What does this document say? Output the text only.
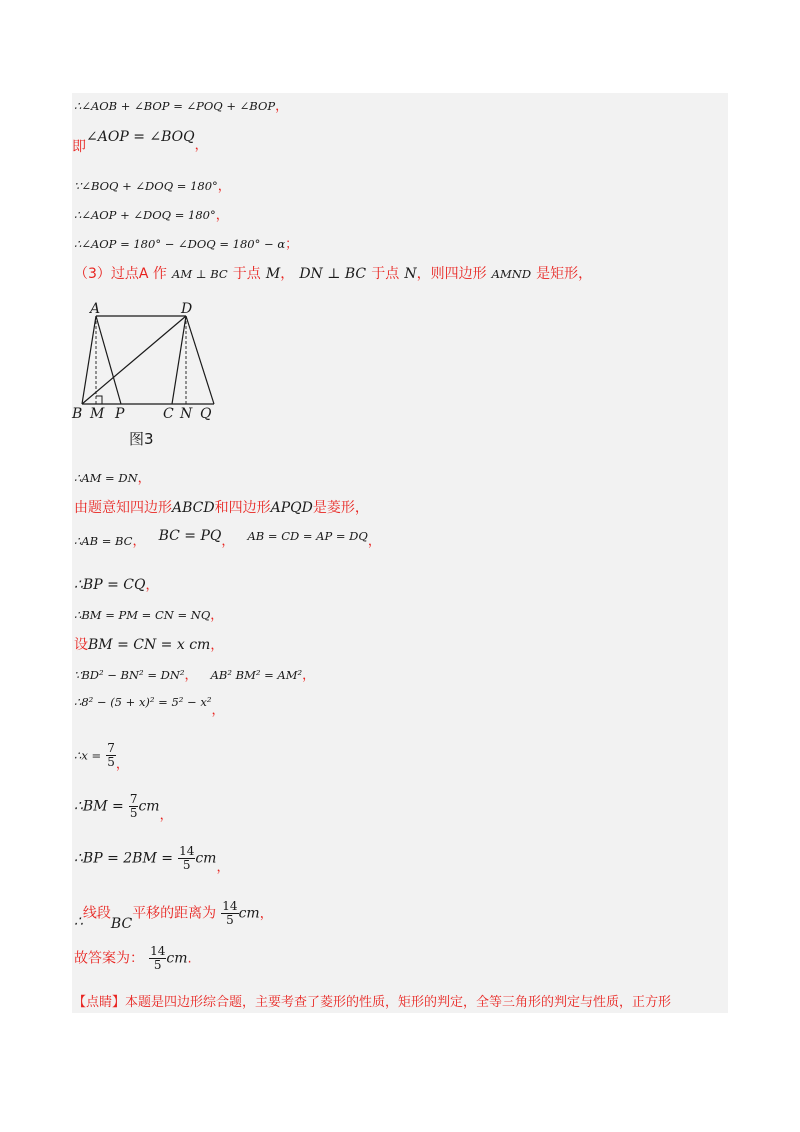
∴∠AOB + ∠BOP = ∠POQ + ∠BOP，
即∠AOP = $\angle BOQ_,$
∵∠BOQ + ∠DOQ = 180°，
∴∠AOP + ∠DOQ = 180°，
∴∠AOP = 180° − ∠DOQ = 180° − α；
（3）过点A 作 AM ⊥ BC 于点 M， DN ⊥ BC 于点 N，则四边形 AMND 是矩形，
A	D
B M P	C N Q
图3
∴AM = DN，
由题意知四边形ABCD和四边形APQD是菱形，
$_{\therefore AB = BC,}$ BC = $PQ_,$ AB = CD = AP = $DQ_,$
∴BP = CQ，
∴BM = PM = CN = NQ，
设BM = CN = x cm，
∵BD² − BN² = DN²， AB² BM² = AM²，
∴8² − $(5 + x)^2 = 5^2 - x^2_,$
∴x = $\frac{7}{5} _,$
∴BM = $\frac{7}{5} cm_,$
∴BP = $2BM = \frac{14}{5} cm_,$
∴线段BC平移的距离为 $\frac{14}{5}$ cm，
故答案为： $\frac{14}{5}$ cm.
【点睛】本题是四边形综合题，主要考查了菱形的性质，矩形的判定，全等三角形的判定与性质，正方形
